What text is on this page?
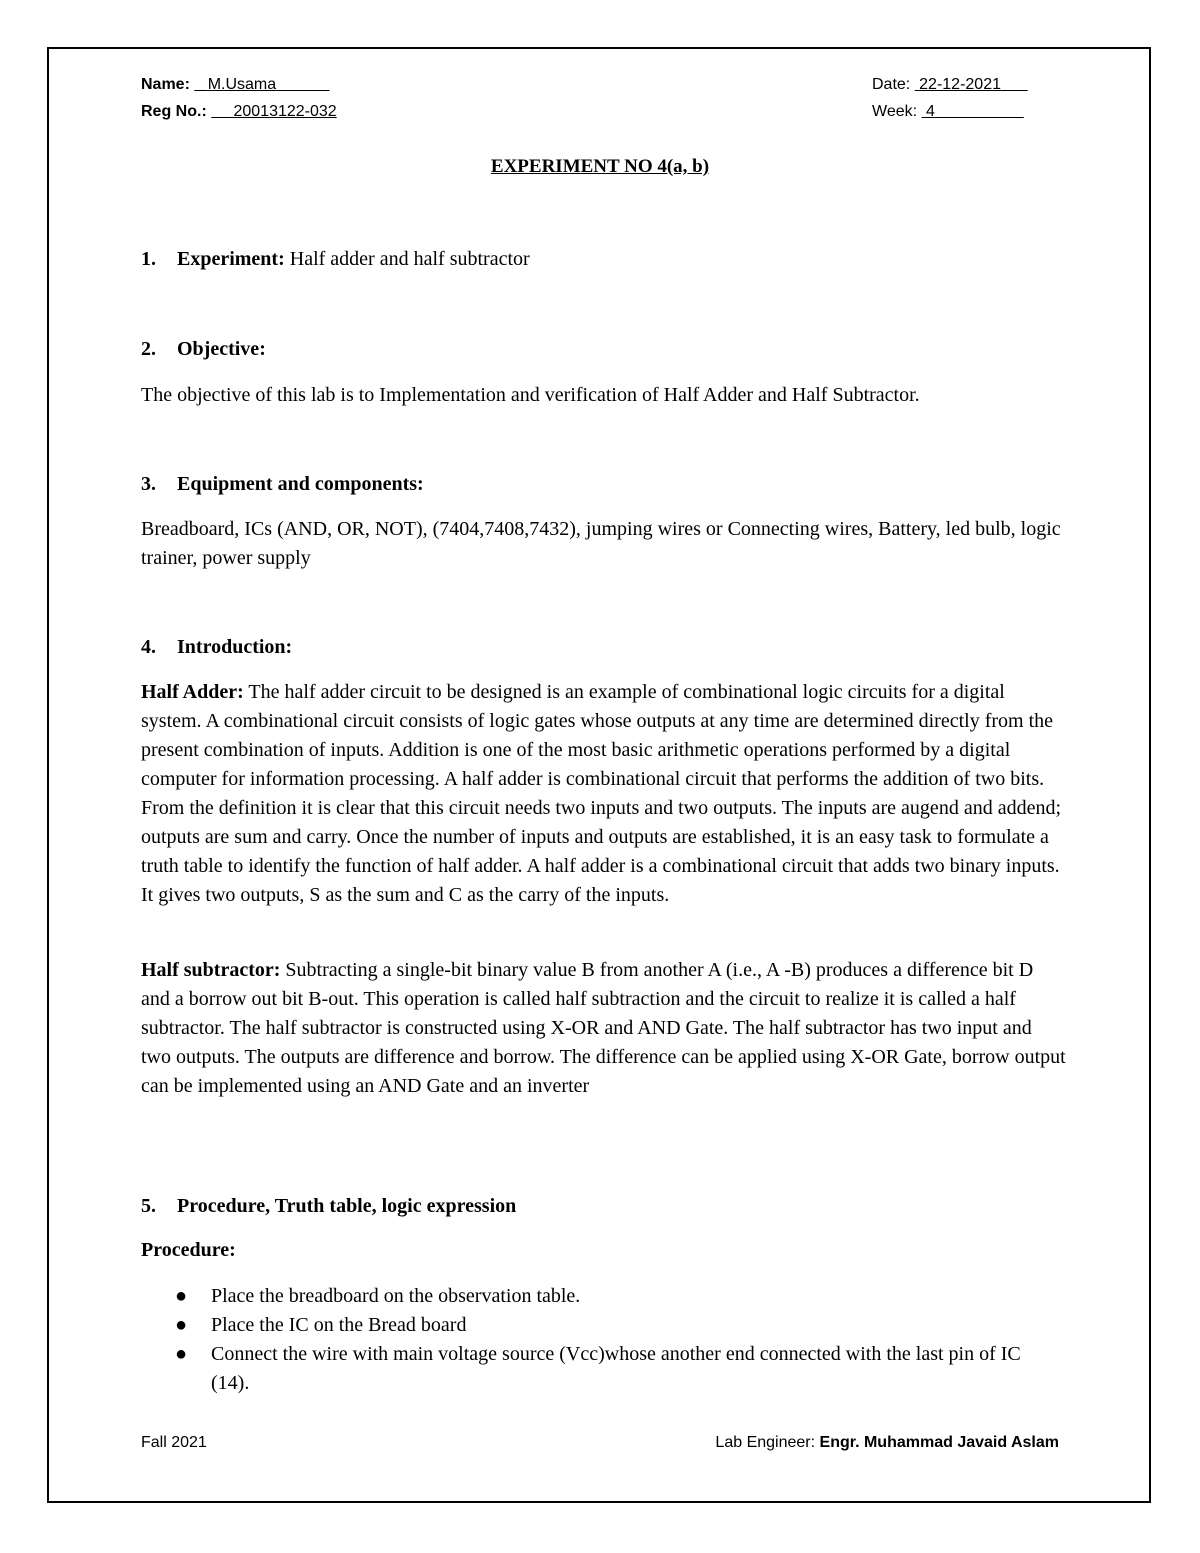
Name: M.Usama
Reg No.: 20013122-032
Date: 22-12-2021
Week: 4
EXPERIMENT NO 4(a, b)
1. Experiment: Half adder and half subtractor
2. Objective:
The objective of this lab is to Implementation and verification of Half Adder and Half Subtractor.
3. Equipment and components:
Breadboard, ICs (AND, OR, NOT), (7404,7408,7432), jumping wires or Connecting wires, Battery, led bulb, logic trainer, power supply
4. Introduction:
Half Adder: The half adder circuit to be designed is an example of combinational logic circuits for a digital system. A combinational circuit consists of logic gates whose outputs at any time are determined directly from the present combination of inputs. Addition is one of the most basic arithmetic operations performed by a digital computer for information processing. A half adder is combinational circuit that performs the addition of two bits. From the definition it is clear that this circuit needs two inputs and two outputs. The inputs are augend and addend; outputs are sum and carry. Once the number of inputs and outputs are established, it is an easy task to formulate a truth table to identify the function of half adder. A half adder is a combinational circuit that adds two binary inputs. It gives two outputs, S as the sum and C as the carry of the inputs.
Half subtractor: Subtracting a single-bit binary value B from another A (i.e., A -B) produces a difference bit D and a borrow out bit B-out. This operation is called half subtraction and the circuit to realize it is called a half subtractor. The half subtractor is constructed using X-OR and AND Gate. The half subtractor has two input and two outputs. The outputs are difference and borrow. The difference can be applied using X-OR Gate, borrow output can be implemented using an AND Gate and an inverter
5. Procedure, Truth table, logic expression
Procedure:
● Place the breadboard on the observation table.
● Place the IC on the Bread board
● Connect the wire with main voltage source (Vcc)whose another end connected with the last pin of IC (14).
Fall 2021	Lab Engineer: Engr. Muhammad Javaid Aslam
